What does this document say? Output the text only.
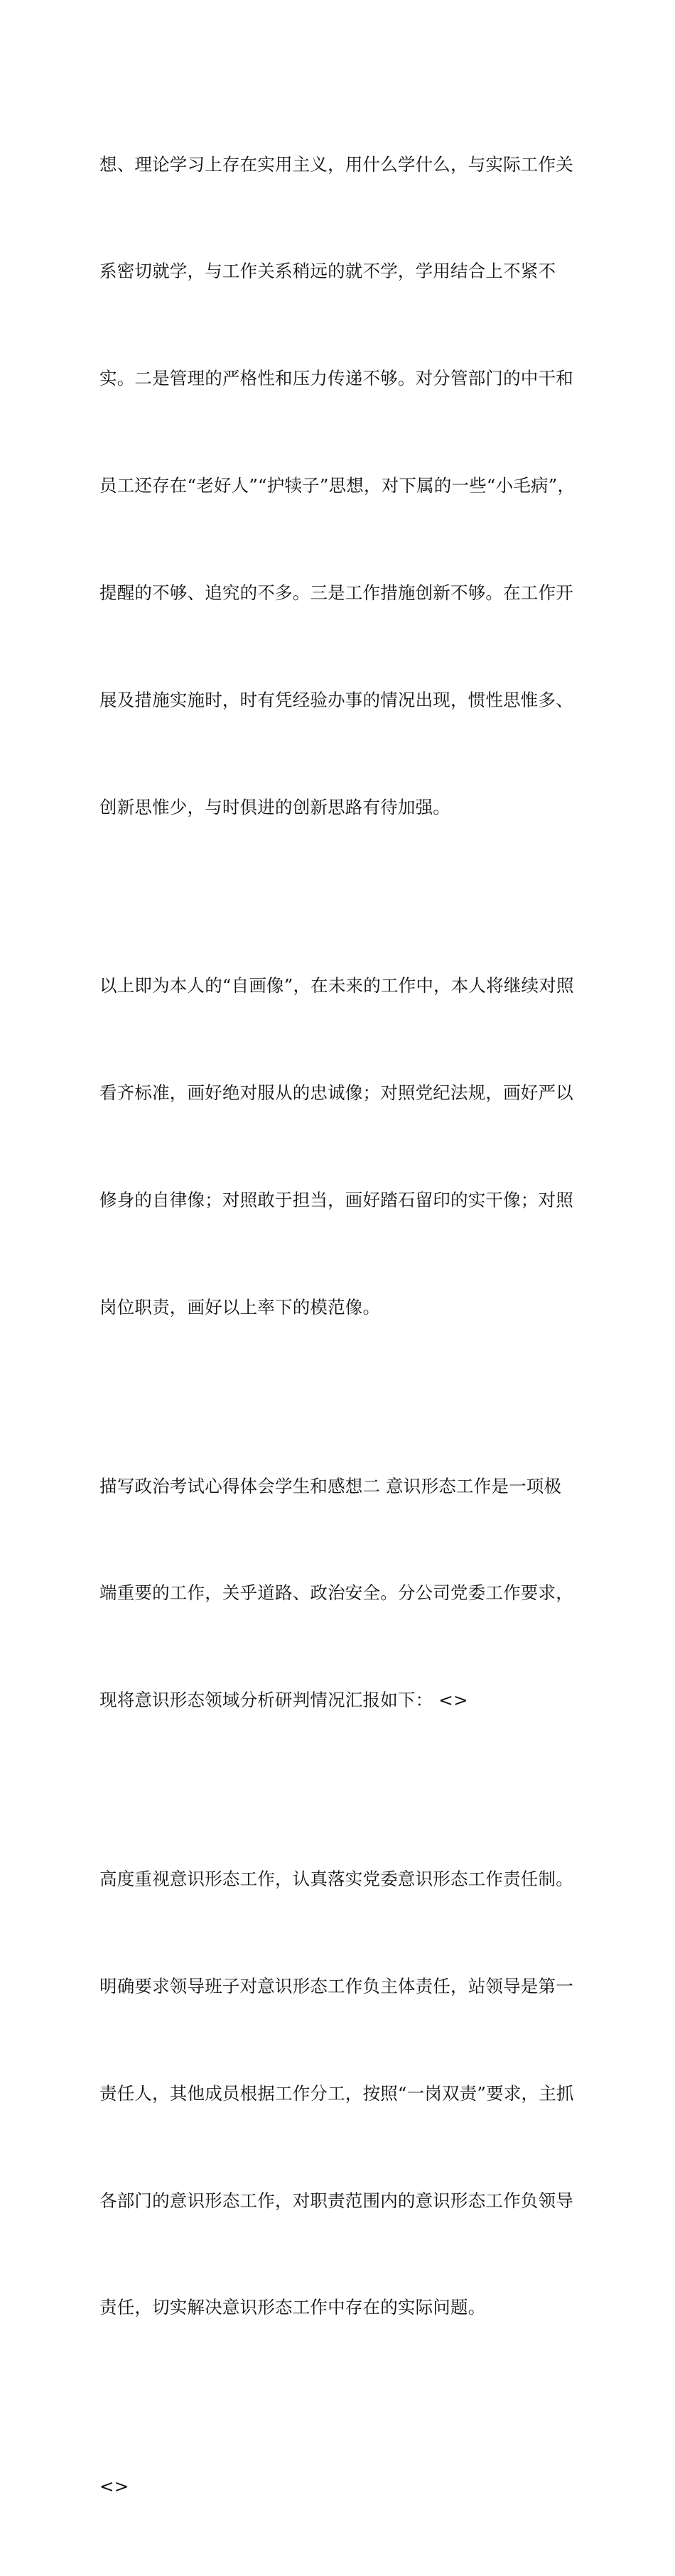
想、理论学习上存在实用主义，用什么学什么，与实际工作关

系密切就学，与工作关系稍远的就不学，学用结合上不紧不

实。二是管理的严格性和压力传递不够。对分管部门的中干和

员工还存在“老好人”“护犊子”思想，对下属的一些“小毛病”，

提醒的不够、追究的不多。三是工作措施创新不够。在工作开

展及措施实施时，时有凭经验办事的情况出现，惯性思惟多、

创新思惟少，与时俱进的创新思路有待加强。

以上即为本人的“自画像”，在未来的工作中，本人将继续对照

看齐标准，画好绝对服从的忠诚像；对照党纪法规，画好严以

修身的自律像；对照敢于担当，画好踏石留印的实干像；对照

岗位职责，画好以上率下的模范像。

描写政治考试心得体会学生和感想二 意识形态工作是一项极

端重要的工作，关乎道路、政治安全。分公司党委工作要求，

现将意识形态领域分析研判情况汇报如下： <>

高度重视意识形态工作，认真落实党委意识形态工作责任制。

明确要求领导班子对意识形态工作负主体责任，站领导是第一

责任人，其他成员根据工作分工，按照“一岗双责”要求，主抓

各部门的意识形态工作，对职责范围内的意识形态工作负领导

责任，切实解决意识形态工作中存在的实际问题。

<>
